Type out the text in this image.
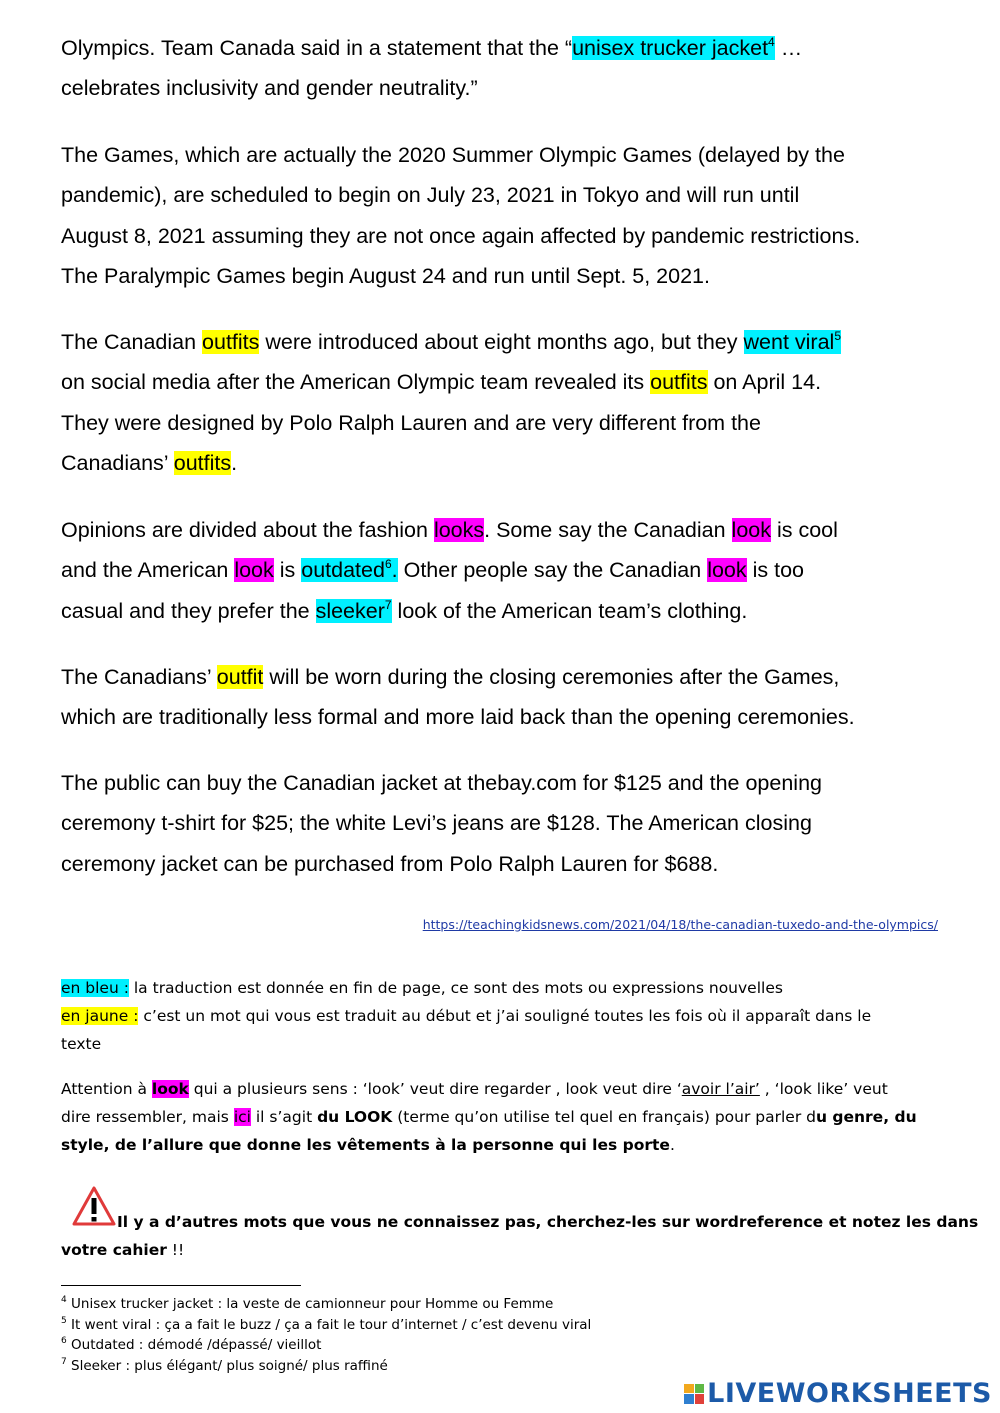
Olympics. Team Canada said in a statement that the “unisex trucker jacket$^4$ …
celebrates inclusivity and gender neutrality.”
The Games, which are actually the 2020 Summer Olympic Games (delayed by the
pandemic), are scheduled to begin on July 23, 2021 in Tokyo and will run until
August 8, 2021 assuming they are not once again affected by pandemic restrictions.
The Paralympic Games begin August 24 and run until Sept. 5, 2021.
The Canadian outfits were introduced about eight months ago, but they went viral$^5$
on social media after the American Olympic team revealed its outfits on April 14.
They were designed by Polo Ralph Lauren and are very different from the
Canadians’ outfits.
Opinions are divided about the fashion looks. Some say the Canadian look is cool
and the American look is outdated$^6$. Other people say the Canadian look is too
casual and they prefer the sleeker$^7$ look of the American team’s clothing.
The Canadians’ outfit will be worn during the closing ceremonies after the Games,
which are traditionally less formal and more laid back than the opening ceremonies.
The public can buy the Canadian jacket at thebay.com for $125 and the opening
ceremony t-shirt for $25; the white Levi’s jeans are $128. The American closing
ceremony jacket can be purchased from Polo Ralph Lauren for $688.
https://teachingkidsnews.com/2021/04/18/the-canadian-tuxedo-and-the-olympics/
en bleu : la traduction est donnée en fin de page, ce sont des mots ou expressions nouvelles
en jaune : c’est un mot qui vous est traduit au début et j’ai souligné toutes les fois où il apparaît dans le
texte
Attention à look qui a plusieurs sens : ‘look’ veut dire regarder , look veut dire ‘avoir l’air’ , ‘look like’ veut
dire ressembler, mais ici il s’agit du LOOK (terme qu’on utilise tel quel en français) pour parler du genre, du
style, de l’allure que donne les vêtements à la personne qui les porte.
Il y a d’autres mots que vous ne connaissez pas, cherchez-les sur wordreference et notez les dans
votre cahier !!
$^4$ Unisex trucker jacket : la veste de camionneur pour Homme ou Femme
$^5$ It went viral : ça a fait le buzz / ça a fait le tour d’internet / c’est devenu viral
$^6$ Outdated : démodé /dépassé/ vieillot
$^7$ Sleeker : plus élégant/ plus soigné/ plus raffiné
LIVEWORKSHEETS
